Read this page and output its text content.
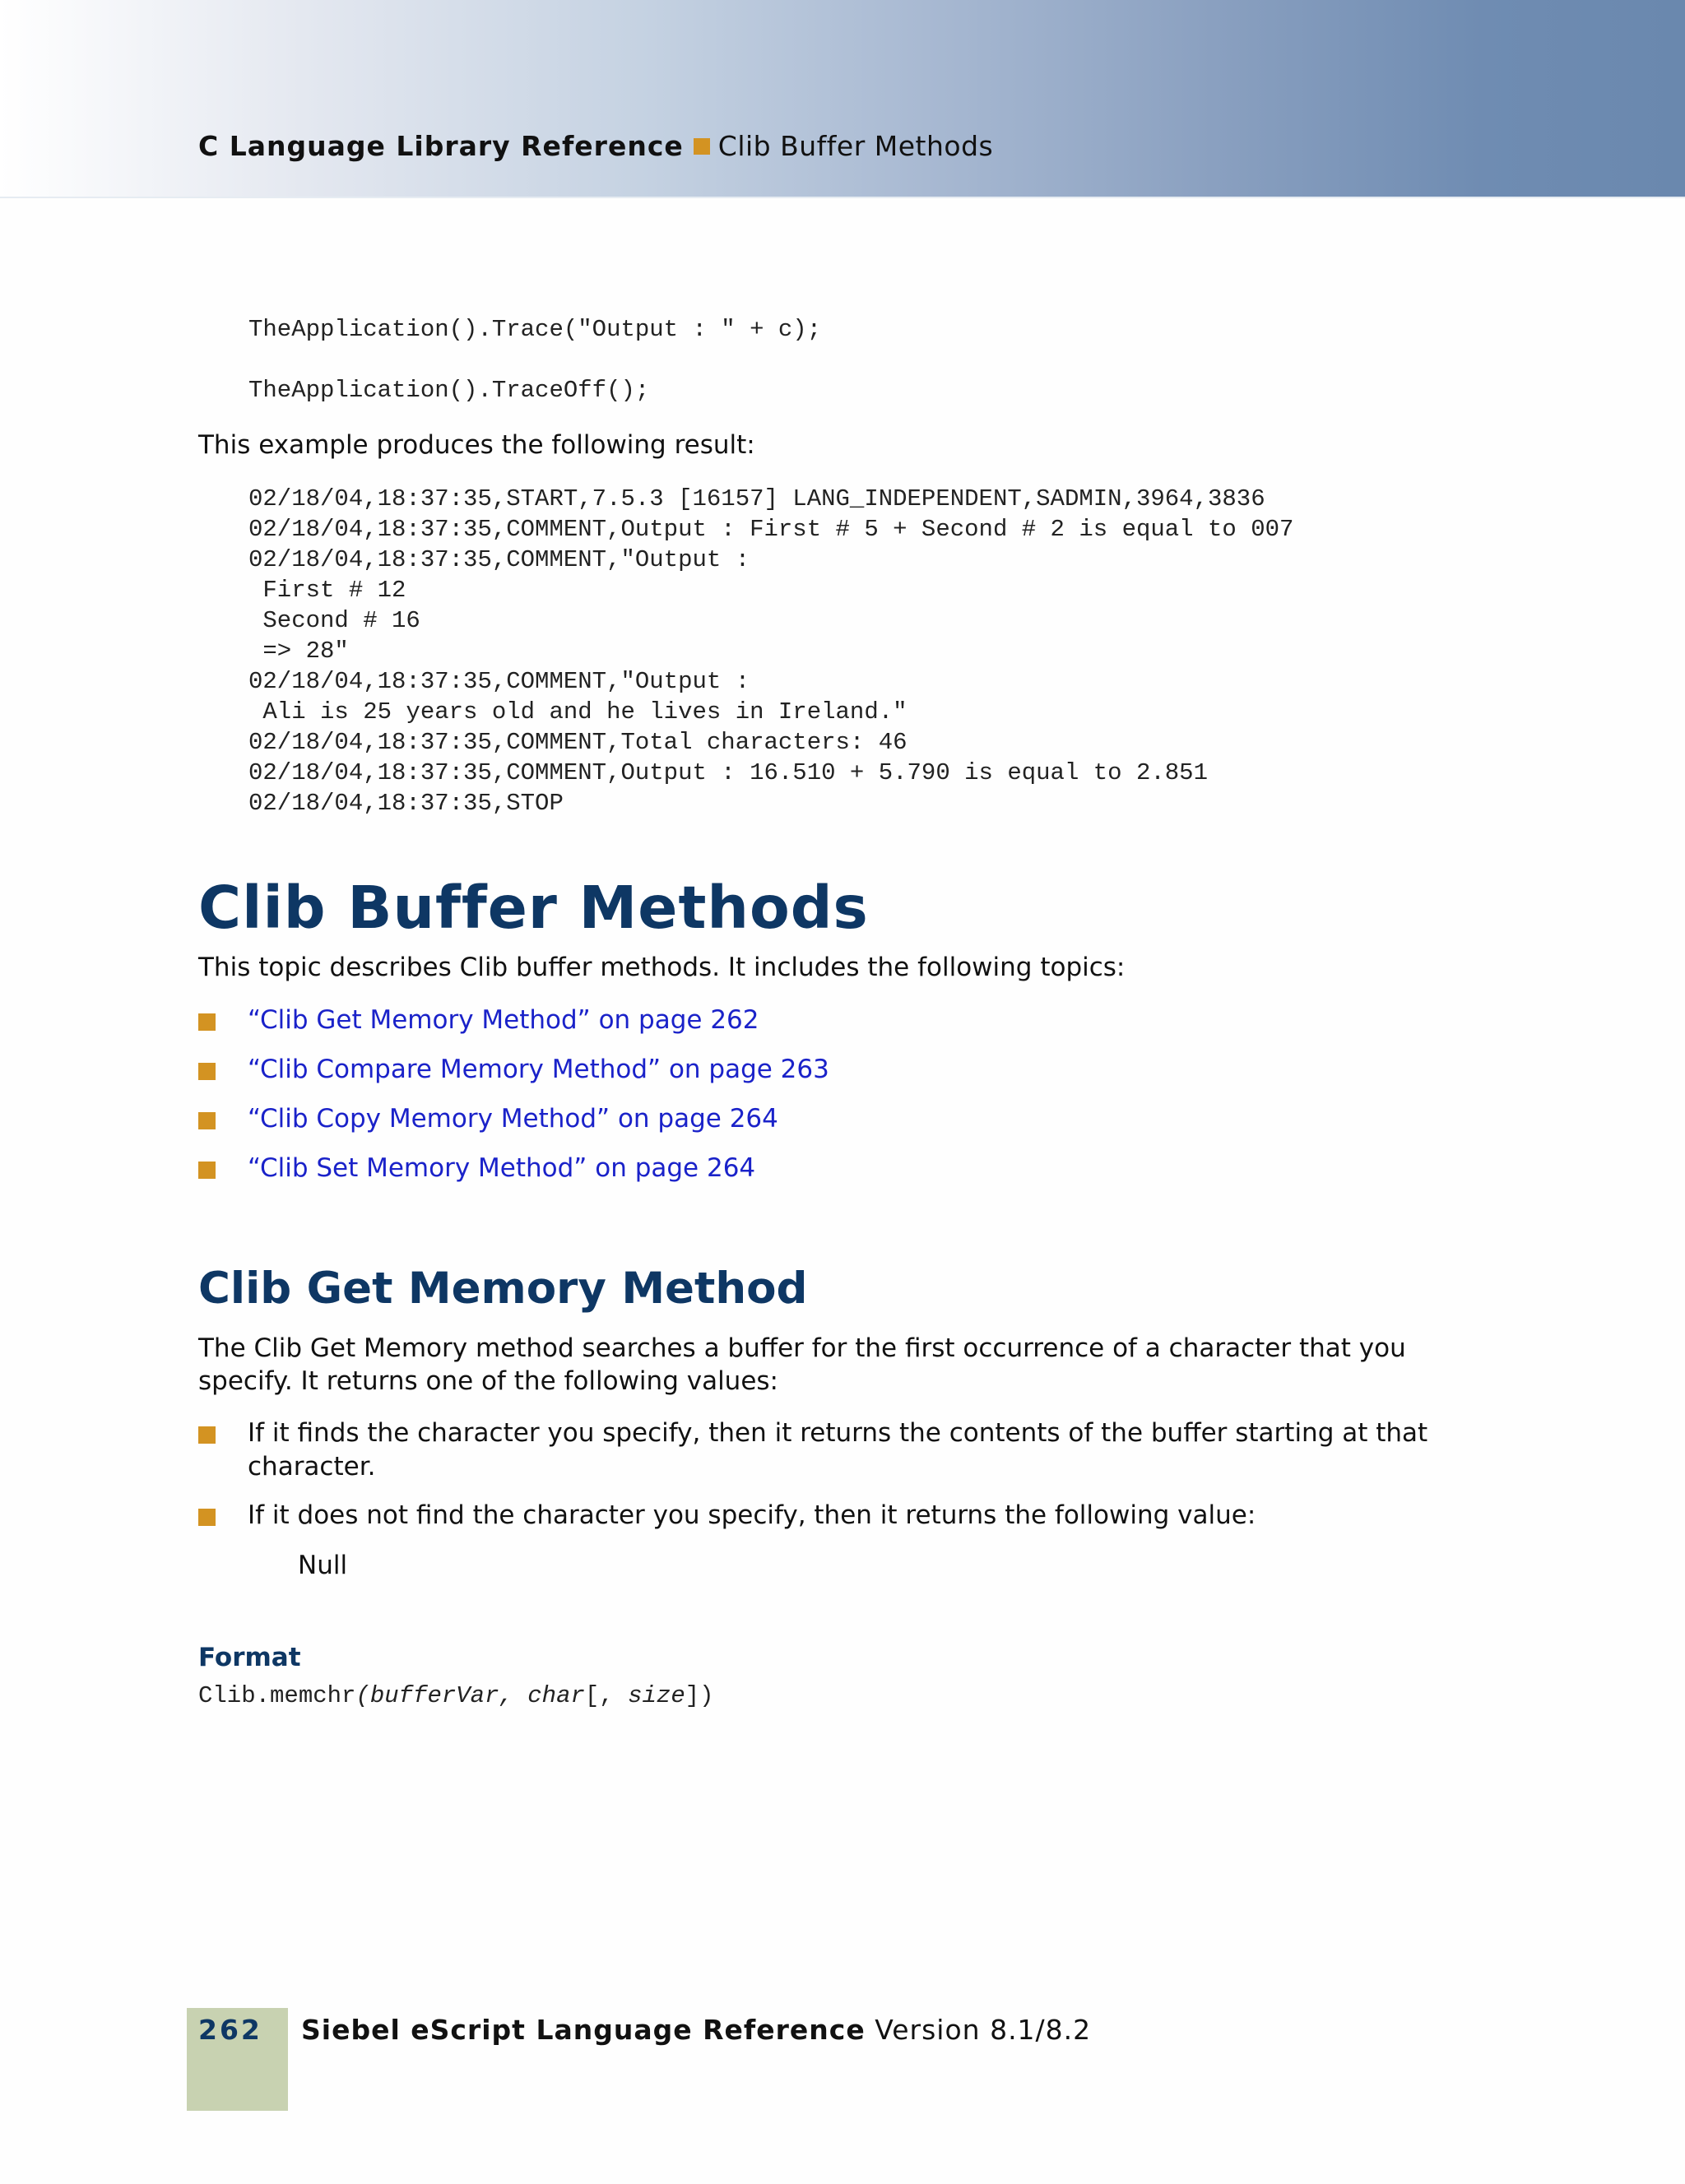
C Language Library Reference Clib Buffer Methods
TheApplication().Trace("Output : " + c);
TheApplication().TraceOff();
This example produces the following result:
02/18/04,18:37:35,START,7.5.3 [16157] LANG_INDEPENDENT,SADMIN,3964,3836
02/18/04,18:37:35,COMMENT,Output : First # 5 + Second # 2 is equal to 007
02/18/04,18:37:35,COMMENT,"Output :
First # 12
Second # 16
=> 28"
02/18/04,18:37:35,COMMENT,"Output :
Ali is 25 years old and he lives in Ireland."
02/18/04,18:37:35,COMMENT,Total characters: 46
02/18/04,18:37:35,COMMENT,Output : 16.510 + 5.790 is equal to 2.851
02/18/04,18:37:35,STOP
Clib Buffer Methods
This topic describes Clib buffer methods. It includes the following topics:
“Clib Get Memory Method” on page 262
“Clib Compare Memory Method” on page 263
“Clib Copy Memory Method” on page 264
“Clib Set Memory Method” on page 264
Clib Get Memory Method
The Clib Get Memory method searches a buffer for the first occurrence of a character that you
specify. It returns one of the following values:
If it finds the character you specify, then it returns the contents of the buffer starting at that
character.
If it does not find the character you specify, then it returns the following value:
Null
Format
Clib.memchr(bufferVar, char[, size])
262 Siebel eScript Language Reference Version 8.1/8.2
